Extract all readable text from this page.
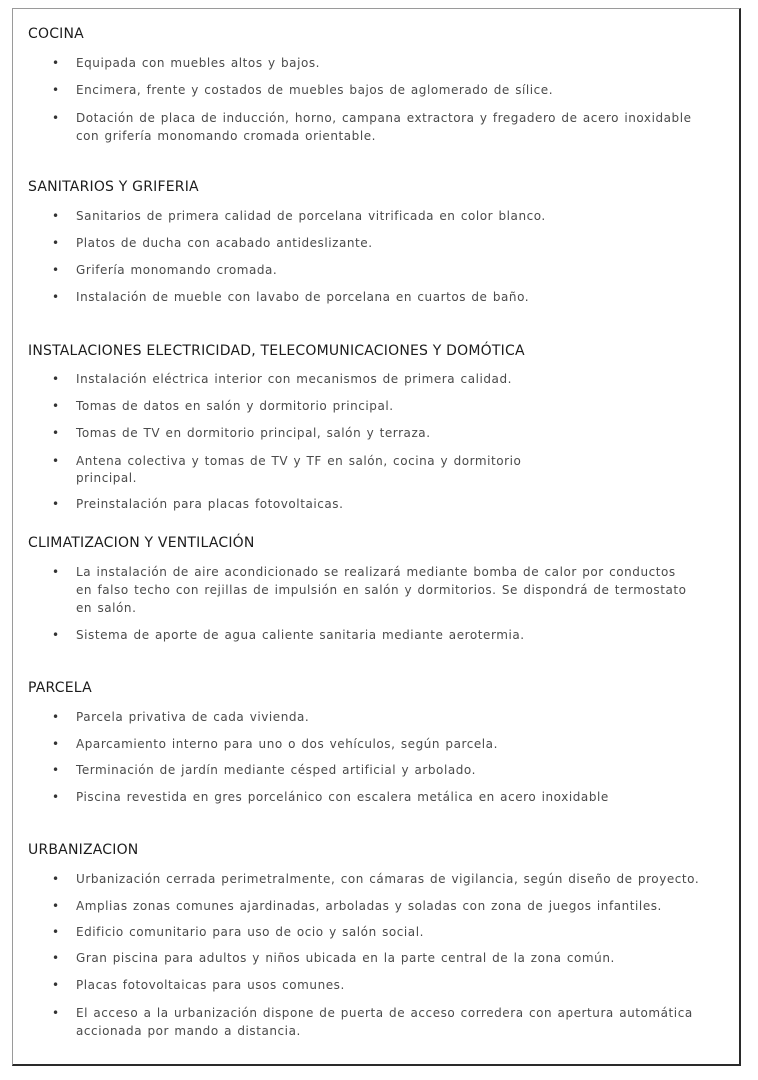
COCINA
• Equipada con muebles altos y bajos.
• Encimera, frente y costados de muebles bajos de aglomerado de sílice.
• Dotación de placa de inducción, horno, campana extractora y fregadero de acero inoxidable
con grifería monomando cromada orientable.
SANITARIOS Y GRIFERIA
• Sanitarios de primera calidad de porcelana vitrificada en color blanco.
• Platos de ducha con acabado antideslizante.
• Grifería monomando cromada.
• Instalación de mueble con lavabo de porcelana en cuartos de baño.
INSTALACIONES ELECTRICIDAD, TELECOMUNICACIONES Y DOMÓTICA
• Instalación eléctrica interior con mecanismos de primera calidad.
• Tomas de datos en salón y dormitorio principal.
• Tomas de TV en dormitorio principal, salón y terraza.
• Antena colectiva y tomas de TV y TF en salón, cocina y dormitorio
principal.
• Preinstalación para placas fotovoltaicas.
CLIMATIZACION Y VENTILACIÓN
• La instalación de aire acondicionado se realizará mediante bomba de calor por conductos
en falso techo con rejillas de impulsión en salón y dormitorios. Se dispondrá de termostato
en salón.
• Sistema de aporte de agua caliente sanitaria mediante aerotermia.
PARCELA
• Parcela privativa de cada vivienda.
• Aparcamiento interno para uno o dos vehículos, según parcela.
• Terminación de jardín mediante césped artificial y arbolado.
• Piscina revestida en gres porcelánico con escalera metálica en acero inoxidable
URBANIZACION
• Urbanización cerrada perimetralmente, con cámaras de vigilancia, según diseño de proyecto.
• Amplias zonas comunes ajardinadas, arboladas y soladas con zona de juegos infantiles.
• Edificio comunitario para uso de ocio y salón social.
• Gran piscina para adultos y niños ubicada en la parte central de la zona común.
• Placas fotovoltaicas para usos comunes.
• El acceso a la urbanización dispone de puerta de acceso corredera con apertura automática
accionada por mando a distancia.
